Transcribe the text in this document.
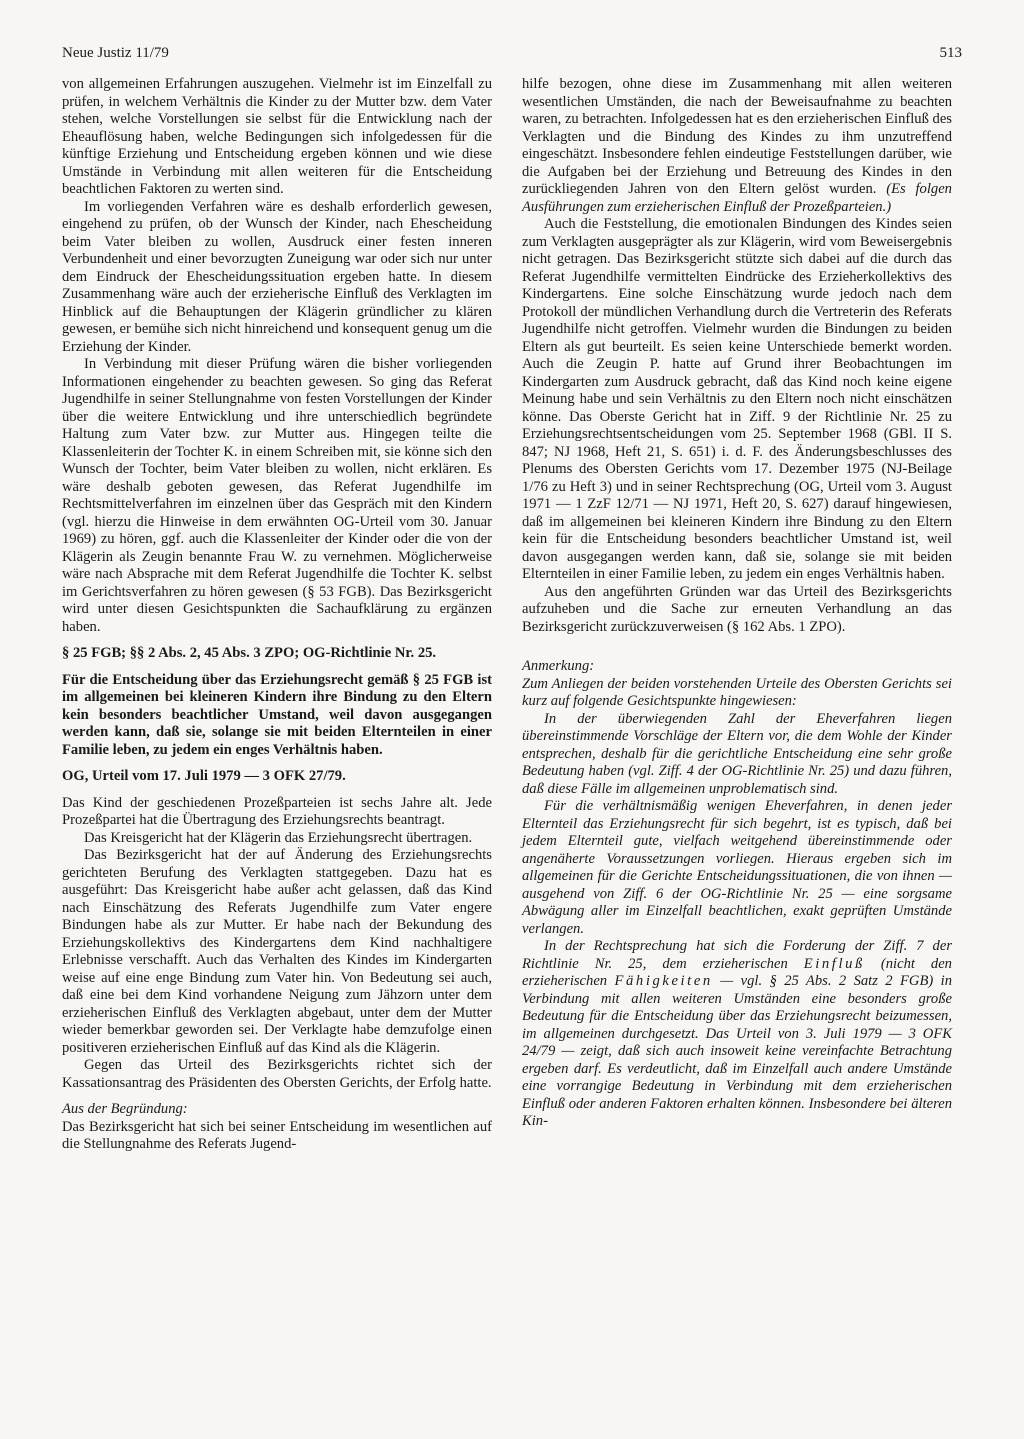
Neue Justiz 11/79	513

von allgemeinen Erfahrungen auszugehen. Vielmehr ist im Einzelfall zu prüfen, in welchem Verhältnis die Kinder zu der Mutter bzw. dem Vater stehen, welche Vorstellungen sie selbst für die Entwicklung nach der Eheauflösung haben, welche Bedingungen sich infolgedessen für die künftige Erziehung und Entscheidung ergeben können und wie diese Umstände in Verbindung mit allen weiteren für die Entscheidung beachtlichen Faktoren zu werten sind.

Im vorliegenden Verfahren wäre es deshalb erforderlich gewesen, eingehend zu prüfen, ob der Wunsch der Kinder, nach Ehescheidung beim Vater bleiben zu wollen, Ausdruck einer festen inneren Verbundenheit und einer bevorzugten Zuneigung war oder sich nur unter dem Eindruck der Ehescheidungssituation ergeben hatte. In diesem Zusammenhang wäre auch der erzieherische Einfluß des Verklagten im Hinblick auf die Behauptungen der Klägerin gründlicher zu klären gewesen, er bemühe sich nicht hinreichend und konsequent genug um die Erziehung der Kinder.

In Verbindung mit dieser Prüfung wären die bisher vorliegenden Informationen eingehender zu beachten gewesen. So ging das Referat Jugendhilfe in seiner Stellungnahme von festen Vorstellungen der Kinder über die weitere Entwicklung und ihre unterschiedlich begründete Haltung zum Vater bzw. zur Mutter aus. Hingegen teilte die Klassenleiterin der Tochter K. in einem Schreiben mit, sie könne sich den Wunsch der Tochter, beim Vater bleiben zu wollen, nicht erklären. Es wäre deshalb geboten gewesen, das Referat Jugendhilfe im Rechtsmittelverfahren im einzelnen über das Gespräch mit den Kindern (vgl. hierzu die Hinweise in dem erwähnten OG-Urteil vom 30. Januar 1969) zu hören, ggf. auch die Klassenleiter der Kinder oder die von der Klägerin als Zeugin benannte Frau W. zu vernehmen. Möglicherweise wäre nach Absprache mit dem Referat Jugendhilfe die Tochter K. selbst im Gerichtsverfahren zu hören gewesen (§ 53 FGB). Das Bezirksgericht wird unter diesen Gesichtspunkten die Sachaufklärung zu ergänzen haben.

§ 25 FGB; §§ 2 Abs. 2, 45 Abs. 3 ZPO; OG-Richtlinie Nr. 25.

Für die Entscheidung über das Erziehungsrecht gemäß § 25 FGB ist im allgemeinen bei kleineren Kindern ihre Bindung zu den Eltern kein besonders beachtlicher Umstand, weil davon ausgegangen werden kann, daß sie, solange sie mit beiden Elternteilen in einer Familie leben, zu jedem ein enges Verhältnis haben.

OG, Urteil vom 17. Juli 1979 — 3 OFK 27/79.

Das Kind der geschiedenen Prozeßparteien ist sechs Jahre alt. Jede Prozeßpartei hat die Übertragung des Erziehungsrechts beantragt.

Das Kreisgericht hat der Klägerin das Erziehungsrecht übertragen.

Das Bezirksgericht hat der auf Änderung des Erziehungsrechts gerichteten Berufung des Verklagten stattgegeben. Dazu hat es ausgeführt: Das Kreisgericht habe außer acht gelassen, daß das Kind nach Einschätzung des Referats Jugendhilfe zum Vater engere Bindungen habe als zur Mutter. Er habe nach der Bekundung des Erziehungskollektivs des Kindergartens dem Kind nachhaltigere Erlebnisse verschafft. Auch das Verhalten des Kindes im Kindergarten weise auf eine enge Bindung zum Vater hin. Von Bedeutung sei auch, daß eine bei dem Kind vorhandene Neigung zum Jähzorn unter dem erzieherischen Einfluß des Verklagten abgebaut, unter dem der Mutter wieder bemerkbar geworden sei. Der Verklagte habe demzufolge einen positiveren erzieherischen Einfluß auf das Kind als die Klägerin.

Gegen das Urteil des Bezirksgerichts richtet sich der Kassationsantrag des Präsidenten des Obersten Gerichts, der Erfolg hatte.

Aus der Begründung:

Das Bezirksgericht hat sich bei seiner Entscheidung im wesentlichen auf die Stellungnahme des Referats Jugend-

hilfe bezogen, ohne diese im Zusammenhang mit allen weiteren wesentlichen Umständen, die nach der Beweisaufnahme zu beachten waren, zu betrachten. Infolgedessen hat es den erzieherischen Einfluß des Verklagten und die Bindung des Kindes zu ihm unzutreffend eingeschätzt. Insbesondere fehlen eindeutige Feststellungen darüber, wie die Aufgaben bei der Erziehung und Betreuung des Kindes in den zurückliegenden Jahren von den Eltern gelöst wurden. (Es folgen Ausführungen zum erzieherischen Einfluß der Prozeßparteien.)

Auch die Feststellung, die emotionalen Bindungen des Kindes seien zum Verklagten ausgeprägter als zur Klägerin, wird vom Beweisergebnis nicht getragen. Das Bezirksgericht stützte sich dabei auf die durch das Referat Jugendhilfe vermittelten Eindrücke des Erzieherkollektivs des Kindergartens. Eine solche Einschätzung wurde jedoch nach dem Protokoll der mündlichen Verhandlung durch die Vertreterin des Referats Jugendhilfe nicht getroffen. Vielmehr wurden die Bindungen zu beiden Eltern als gut beurteilt. Es seien keine Unterschiede bemerkt worden. Auch die Zeugin P. hatte auf Grund ihrer Beobachtungen im Kindergarten zum Ausdruck gebracht, daß das Kind noch keine eigene Meinung habe und sein Verhältnis zu den Eltern noch nicht einschätzen könne. Das Oberste Gericht hat in Ziff. 9 der Richtlinie Nr. 25 zu Erziehungsrechtsentscheidungen vom 25. September 1968 (GBl. II S. 847; NJ 1968, Heft 21, S. 651) i. d. F. des Änderungsbeschlusses des Plenums des Obersten Gerichts vom 17. Dezember 1975 (NJ-Beilage 1/76 zu Heft 3) und in seiner Rechtsprechung (OG, Urteil vom 3. August 1971 — 1 ZzF 12/71 — NJ 1971, Heft 20, S. 627) darauf hingewiesen, daß im allgemeinen bei kleineren Kindern ihre Bindung zu den Eltern kein für die Entscheidung besonders beachtlicher Umstand ist, weil davon ausgegangen werden kann, daß sie, solange sie mit beiden Elternteilen in einer Familie leben, zu jedem ein enges Verhältnis haben.

Aus den angeführten Gründen war das Urteil des Bezirksgerichts aufzuheben und die Sache zur erneuten Verhandlung an das Bezirksgericht zurückzuverweisen (§ 162 Abs. 1 ZPO).

Anmerkung:

Zum Anliegen der beiden vorstehenden Urteile des Obersten Gerichts sei kurz auf folgende Gesichtspunkte hingewiesen:

In der überwiegenden Zahl der Eheverfahren liegen übereinstimmende Vorschläge der Eltern vor, die dem Wohle der Kinder entsprechen, deshalb für die gerichtliche Entscheidung eine sehr große Bedeutung haben (vgl. Ziff. 4 der OG-Richtlinie Nr. 25) und dazu führen, daß diese Fälle im allgemeinen unproblematisch sind.

Für die verhältnismäßig wenigen Eheverfahren, in denen jeder Elternteil das Erziehungsrecht für sich begehrt, ist es typisch, daß bei jedem Elternteil gute, vielfach weitgehend übereinstimmende oder angenäherte Voraussetzungen vorliegen. Hieraus ergeben sich im allgemeinen für die Gerichte Entscheidungssituationen, die von ihnen — ausgehend von Ziff. 6 der OG-Richtlinie Nr. 25 — eine sorgsame Abwägung aller im Einzelfall beachtlichen, exakt geprüften Umstände verlangen.

In der Rechtsprechung hat sich die Forderung der Ziff. 7 der Richtlinie Nr. 25, dem erzieherischen Einfluß (nicht den erzieherischen Fähigkeiten — vgl. § 25 Abs. 2 Satz 2 FGB) in Verbindung mit allen weiteren Umständen eine besonders große Bedeutung für die Entscheidung über das Erziehungsrecht beizumessen, im allgemeinen durchgesetzt. Das Urteil von 3. Juli 1979 — 3 OFK 24/79 — zeigt, daß sich auch insoweit keine vereinfachte Betrachtung ergeben darf. Es verdeutlicht, daß im Einzelfall auch andere Umstände eine vorrangige Bedeutung in Verbindung mit dem erzieherischen Einfluß oder anderen Faktoren erhalten können. Insbesondere bei älteren Kin-
